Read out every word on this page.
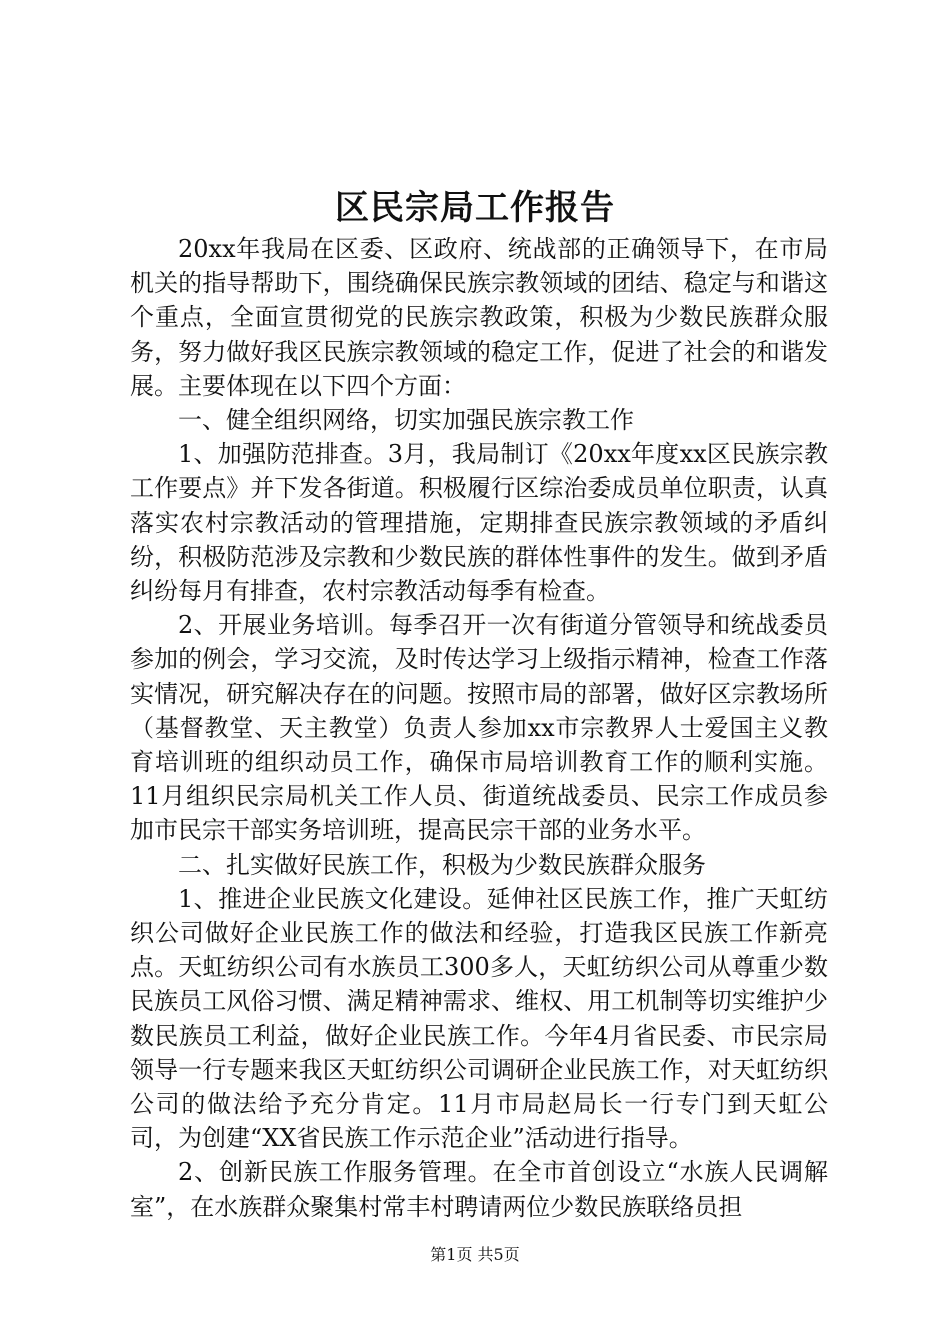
区民宗局工作报告

20xx年我局在区委、区政府、统战部的正确领导下，在市局机关的指导帮助下，围绕确保民族宗教领域的团结、稳定与和谐这个重点，全面宣贯彻党的民族宗教政策，积极为少数民族群众服务，努力做好我区民族宗教领域的稳定工作，促进了社会的和谐发展。主要体现在以下四个方面：

一、健全组织网络，切实加强民族宗教工作

1、加强防范排查。3月，我局制订《20xx年度xx区民族宗教工作要点》并下发各街道。积极履行区综治委成员单位职责，认真落实农村宗教活动的管理措施，定期排查民族宗教领域的矛盾纠纷，积极防范涉及宗教和少数民族的群体性事件的发生。做到矛盾纠纷每月有排查，农村宗教活动每季有检查。

2、开展业务培训。每季召开一次有街道分管领导和统战委员参加的例会，学习交流，及时传达学习上级指示精神，检查工作落实情况，研究解决存在的问题。按照市局的部署，做好区宗教场所（基督教堂、天主教堂）负责人参加xx市宗教界人士爱国主义教育培训班的组织动员工作，确保市局培训教育工作的顺利实施。11月组织民宗局机关工作人员、街道统战委员、民宗工作成员参加市民宗干部实务培训班，提高民宗干部的业务水平。

二、扎实做好民族工作，积极为少数民族群众服务

1、推进企业民族文化建设。延伸社区民族工作，推广天虹纺织公司做好企业民族工作的做法和经验，打造我区民族工作新亮点。天虹纺织公司有水族员工300多人，天虹纺织公司从尊重少数民族员工风俗习惯、满足精神需求、维权、用工机制等切实维护少数民族员工利益，做好企业民族工作。今年4月省民委、市民宗局领导一行专题来我区天虹纺织公司调研企业民族工作，对天虹纺织公司的做法给予充分肯定。11月市局赵局长一行专门到天虹公司，为创建“XX省民族工作示范企业”活动进行指导。

2、创新民族工作服务管理。在全市首创设立“水族人民调解室”，在水族群众聚集村常丰村聘请两位少数民族联络员担

第1页 共5页
